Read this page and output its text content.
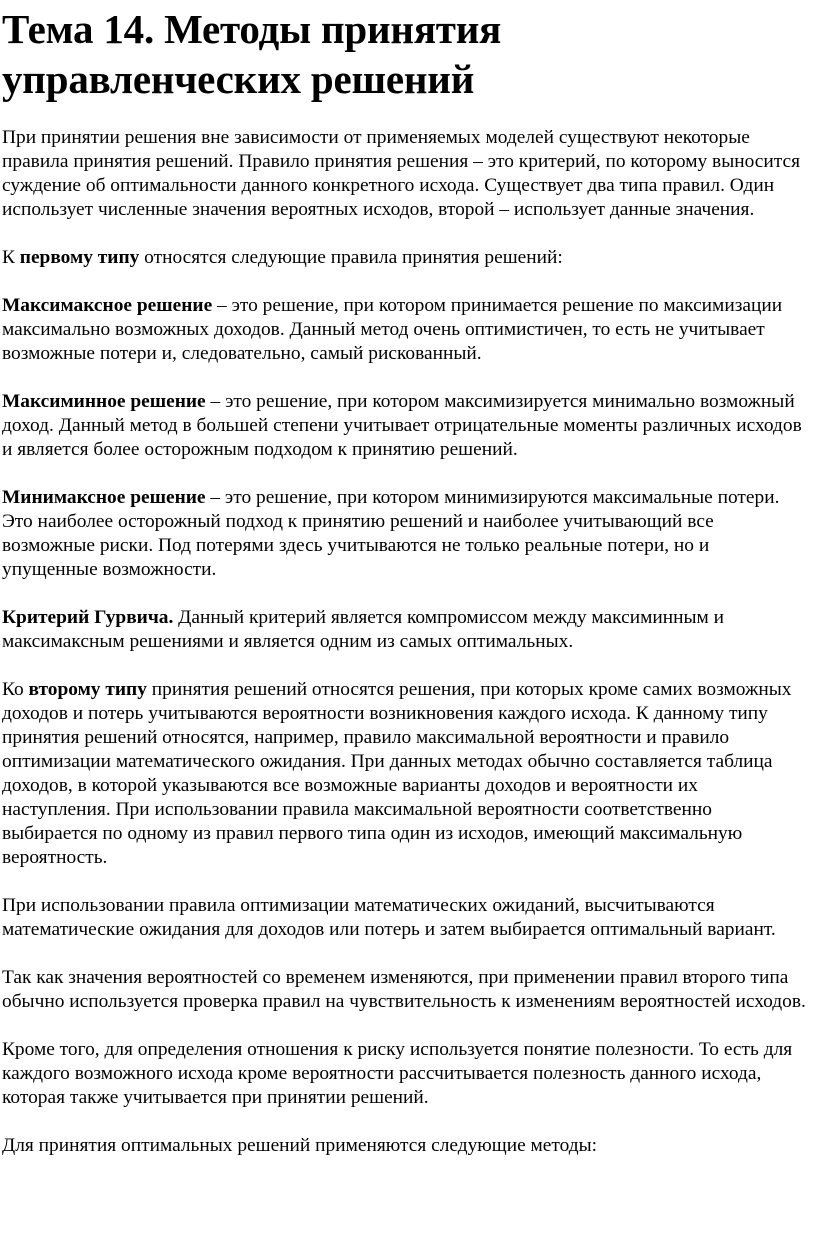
Тема 14. Методы принятия управленческих решений

При принятии решения вне зависимости от применяемых моделей существуют некоторые правила принятия решений. Правило принятия решения – это критерий, по которому выносится суждение об оптимальности данного конкретного исхода. Существует два типа правил. Один использует численные значения вероятных исходов, второй – использует данные значения.

К первому типу относятся следующие правила принятия решений:

Максимаксное решение – это решение, при котором принимается решение по максимизации максимально возможных доходов. Данный метод очень оптимистичен, то есть не учитывает возможные потери и, следовательно, самый рискованный.

Максиминное решение – это решение, при котором максимизируется минимально возможный доход. Данный метод в большей степени учитывает отрицательные моменты различных исходов и является более осторожным подходом к принятию решений.

Минимаксное решение – это решение, при котором минимизируются максимальные потери. Это наиболее осторожный подход к принятию решений и наиболее учитывающий все возможные риски. Под потерями здесь учитываются не только реальные потери, но и упущенные возможности.

Критерий Гурвича. Данный критерий является компромиссом между максиминным и максимаксным решениями и является одним из самых оптимальных.

Ко второму типу принятия решений относятся решения, при которых кроме самих возможных доходов и потерь учитываются вероятности возникновения каждого исхода. К данному типу принятия решений относятся, например, правило максимальной вероятности и правило оптимизации математического ожидания. При данных методах обычно составляется таблица доходов, в которой указываются все возможные варианты доходов и вероятности их наступления. При использовании правила максимальной вероятности соответственно выбирается по одному из правил первого типа один из исходов, имеющий максимальную вероятность.

При использовании правила оптимизации математических ожиданий, высчитываются математические ожидания для доходов или потерь и затем выбирается оптимальный вариант.

Так как значения вероятностей со временем изменяются, при применении правил второго типа обычно используется проверка правил на чувствительность к изменениям вероятностей исходов.

Кроме того, для определения отношения к риску используется понятие полезности. То есть для каждого возможного исхода кроме вероятности рассчитывается полезность данного исхода, которая также учитывается при принятии решений.

Для принятия оптимальных решений применяются следующие методы:
